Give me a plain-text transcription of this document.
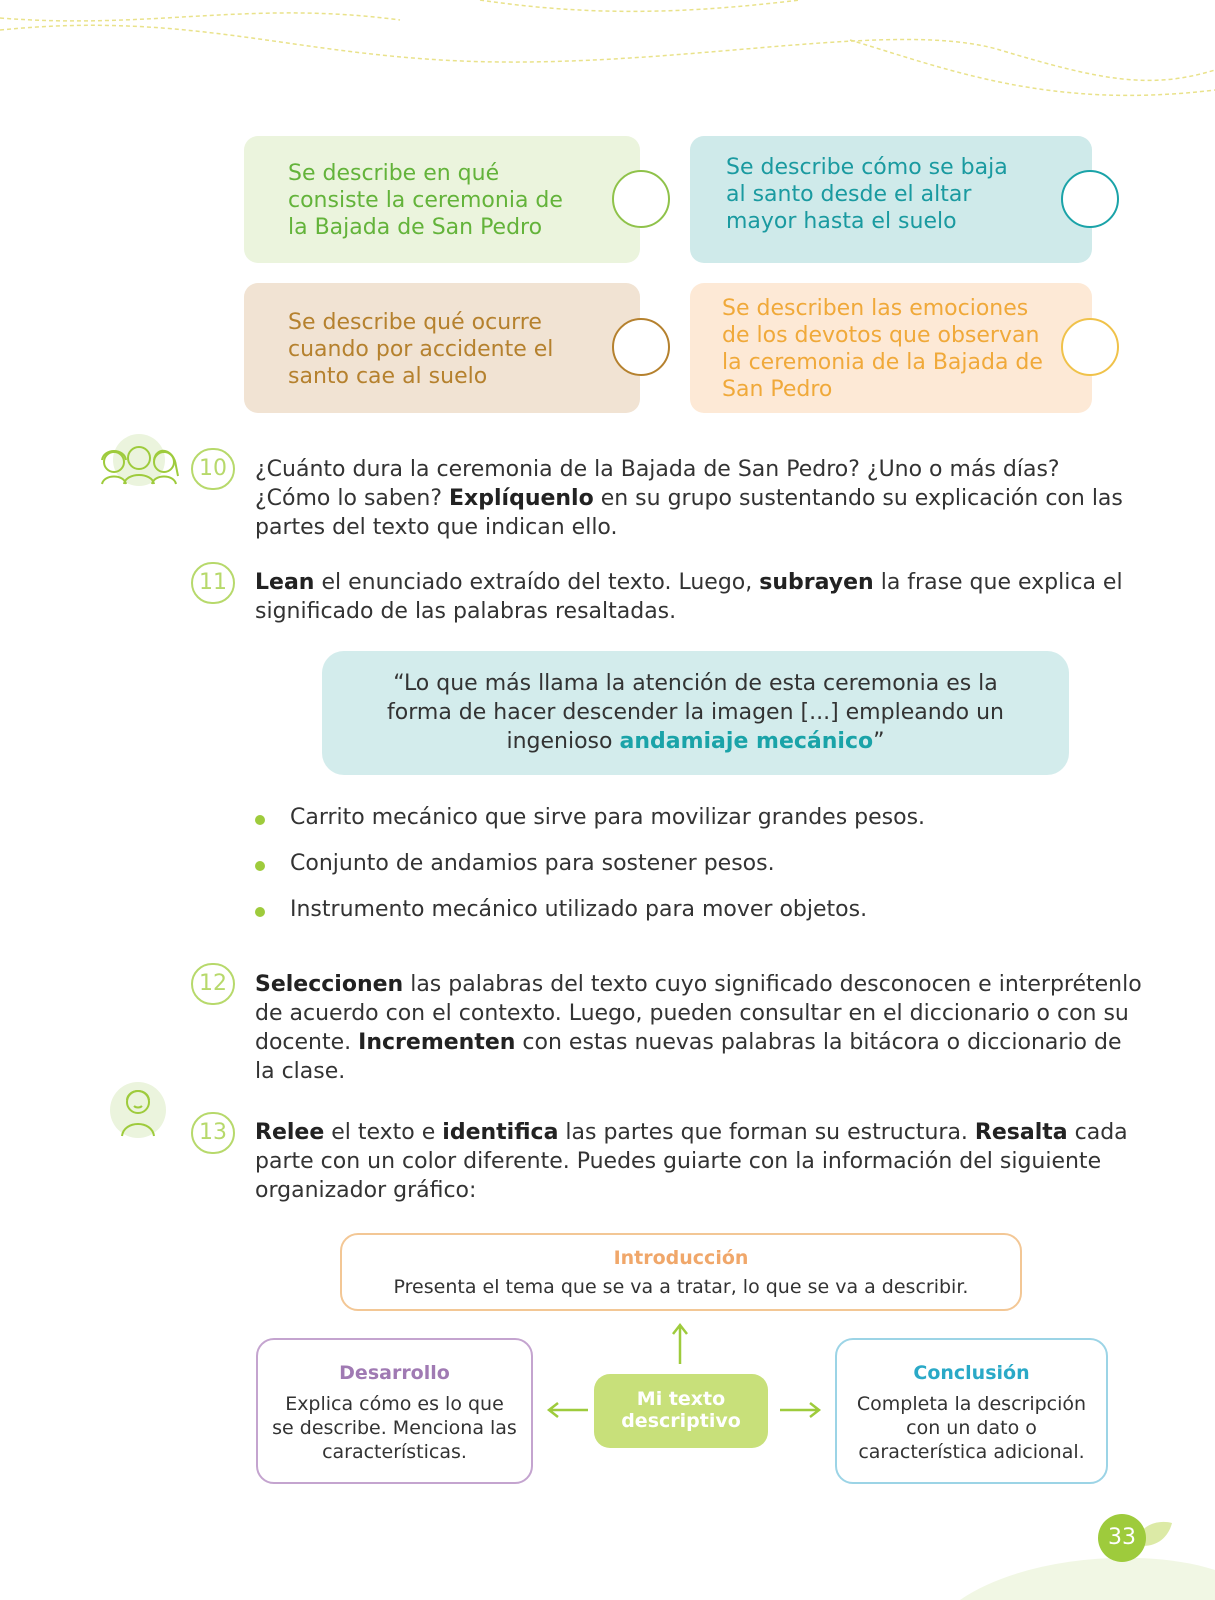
Se describe en qué
consiste la ceremonia de
la Bajada de San Pedro
Se describe cómo se baja
al santo desde el altar
mayor hasta el suelo
Se describe qué ocurre
cuando por accidente el
santo cae al suelo
Se describen las emociones
de los devotos que observan
la ceremonia de la Bajada de
San Pedro
10	¿Cuánto dura la ceremonia de la Bajada de San Pedro? ¿Uno o más días?
¿Cómo lo saben? Explíquenlo en su grupo sustentando su explicación con las
partes del texto que indican ello.
11	Lean el enunciado extraído del texto. Luego, subrayen la frase que explica el
significado de las palabras resaltadas.
“Lo que más llama la atención de esta ceremonia es la
forma de hacer descender la imagen [...] empleando un
ingenioso andamiaje mecánico”
Carrito mecánico que sirve para movilizar grandes pesos.
Conjunto de andamios para sostener pesos.
Instrumento mecánico utilizado para mover objetos.
12	Seleccionen las palabras del texto cuyo significado desconocen e interprétenlo
de acuerdo con el contexto. Luego, pueden consultar en el diccionario o con su
docente. Incrementen con estas nuevas palabras la bitácora o diccionario de
la clase.
13	Relee el texto e identifica las partes que forman su estructura. Resalta cada
parte con un color diferente. Puedes guiarte con la información del siguiente
organizador gráfico:
Introducción
Presenta el tema que se va a tratar, lo que se va a describir.
Desarrollo
Explica cómo es lo que
se describe. Menciona las
características.
Mi texto
descriptivo
Conclusión
Completa la descripción
con un dato o
característica adicional.
33
